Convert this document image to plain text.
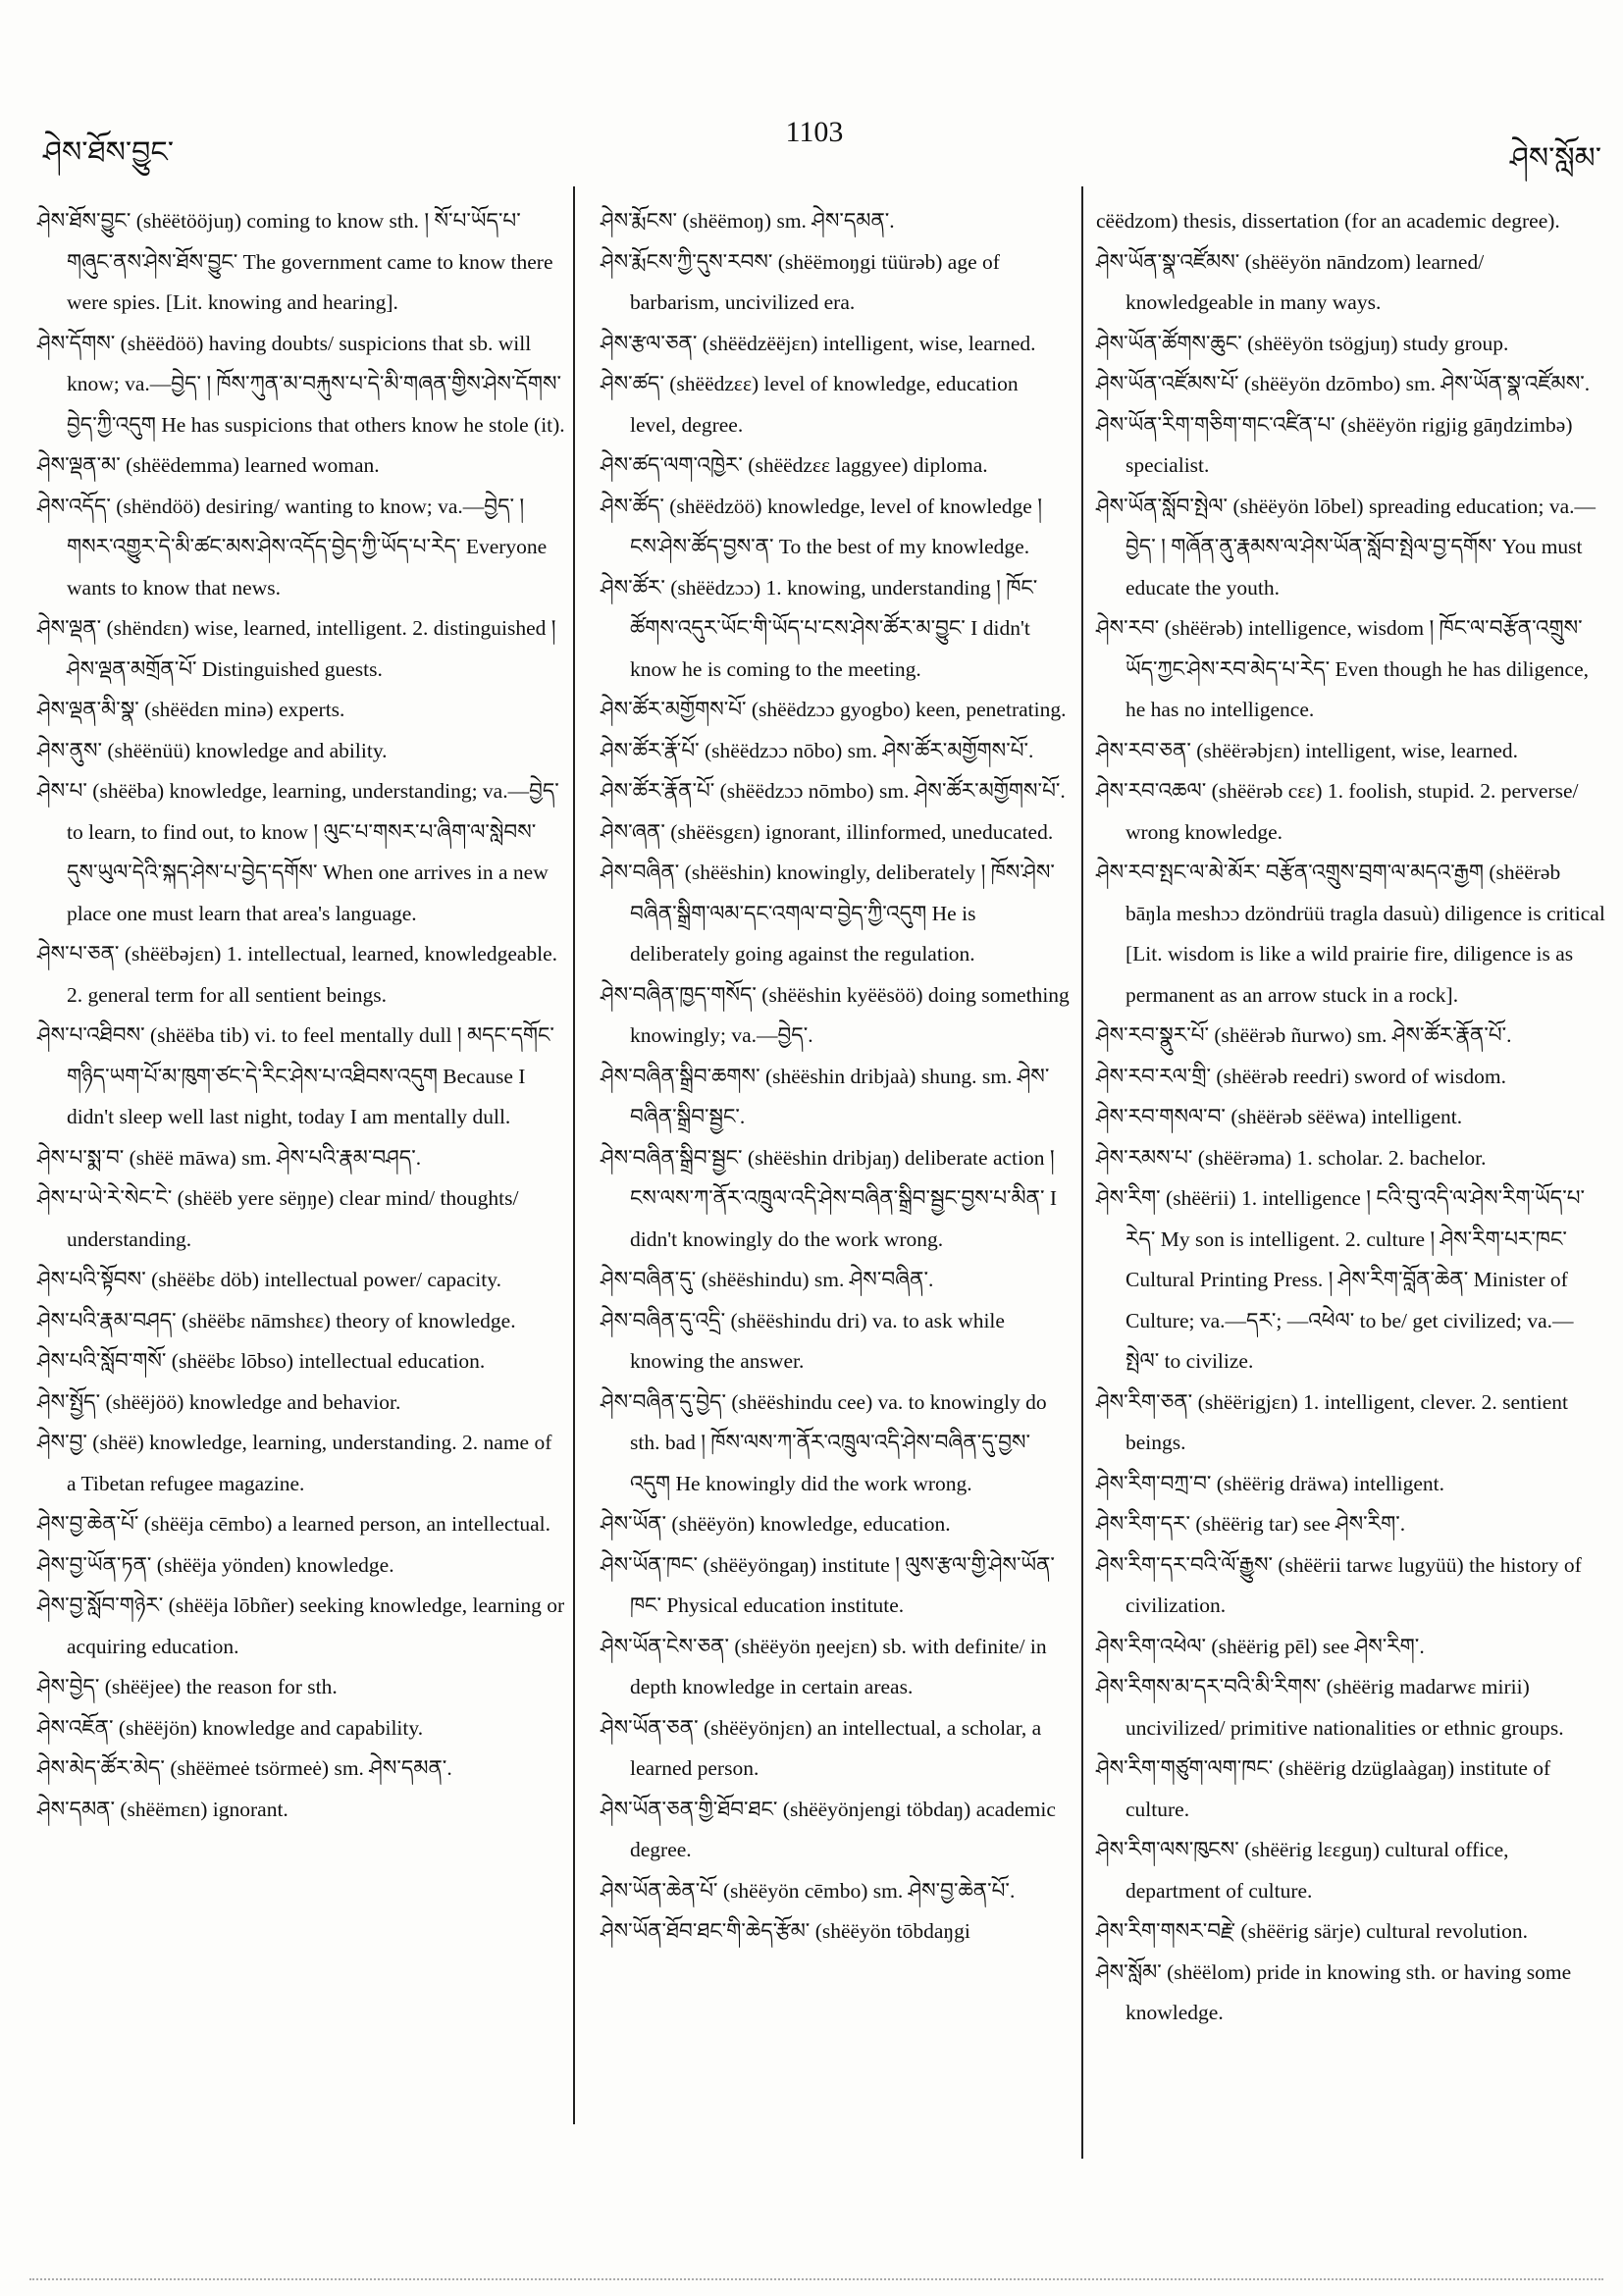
ཤེས་ཐོས་བྱུང་
1103
ཤེས་སློམ་

ཤེས་ཐོས་བྱུང་ (shëëtööjuŋ) coming to know sth. ། སོ་པ་ཡོད་པ་གཞུང་ནས་ཤེས་ཐོས་བྱུང་ The government came to know there were spies. [Lit. knowing and hearing].

ཤེས་དོགས་ (shëëdöö) having doubts/ suspicions that sb. will know; va.—བྱེད་ ། ཁོས་ཀུན་མ་བརྐུས་པ་དེ་མི་གཞན་གྱིས་ཤེས་དོགས་བྱེད་ཀྱི་འདུག He has suspicions that others know he stole (it).

ཤེས་ལྡན་མ་ (shëëdemma) learned woman.

ཤེས་འདོད་ (shëndöö) desiring/ wanting to know; va.—བྱེད་ ། གསར་འགྱུར་དེ་མི་ཚང་མས་ཤེས་འདོད་བྱེད་ཀྱི་ཡོད་པ་རེད་ Everyone wants to know that news.

ཤེས་ལྡན་ (shëndɛn) wise, learned, intelligent. 2. distinguished ། ཤེས་ལྡན་མགྲོན་པོ་ Distinguished guests.

ཤེས་ལྡན་མི་སྣ་ (shëëdɛn minə) experts.

ཤེས་ནུས་ (shëënüü) knowledge and ability.

ཤེས་པ་ (shëëba) knowledge, learning, understanding; va.—བྱེད་ to learn, to find out, to know ། ལུང་པ་གསར་པ་ཞིག་ལ་སླེབས་དུས་ཡུལ་དེའི་སྐད་ཤེས་པ་བྱེད་དགོས་ When one arrives in a new place one must learn that area's language.

ཤེས་པ་ཅན་ (shëëbəjɛn) 1. intellectual, learned, knowledgeable. 2. general term for all sentient beings.

ཤེས་པ་འཐིབས་ (shëëba tib) vi. to feel mentally dull ། མདང་དགོང་གཉིད་ཡག་པོ་མ་ཁུག་ཙང་དེ་རིང་ཤེས་པ་འཐིབས་འདུག Because I didn't sleep well last night, today I am mentally dull.

ཤེས་པ་སྨ་བ་ (shëë māwa) sm. ཤེས་པའི་རྣམ་བཤད་.

ཤེས་པ་ཡེ་རེ་སེང་ངེ་ (shëëb yere sëŋŋe) clear mind/ thoughts/ understanding.

ཤེས་པའི་སྟོབས་ (shëëbɛ döb) intellectual power/ capacity.

ཤེས་པའི་རྣམ་བཤད་ (shëëbɛ nāmshɛɛ) theory of knowledge.

ཤེས་པའི་སློབ་གསོ་ (shëëbɛ lōbso) intellectual education.

ཤེས་སྤྱོད་ (shëëjöö) knowledge and behavior.

ཤེས་བྱ་ (shëë) knowledge, learning, understanding. 2. name of a Tibetan refugee magazine.

ཤེས་བྱ་ཆེན་པོ་ (shëëja cēmbo) a learned person, an intellectual.

ཤེས་བྱ་ཡོན་ཏན་ (shëëja yönden) knowledge.

ཤེས་བྱ་སློབ་གཉེར་ (shëëja lōbñer) seeking knowledge, learning or acquiring education.

ཤེས་བྱེད་ (shëëjee) the reason for sth.

ཤེས་འཇོན་ (shëëjön) knowledge and capability.

ཤེས་མེད་ཚོར་མེད་ (shëëmeė tsörmeė) sm. ཤེས་དམན་.

ཤེས་དམན་ (shëëmɛn) ignorant.

ཤེས་རྨོངས་ (shëëmoŋ) sm. ཤེས་དམན་.

ཤེས་རྨོངས་ཀྱི་དུས་རབས་ (shëëmoŋgi tüürəb) age of barbarism, uncivilized era.

ཤེས་རྩལ་ཅན་ (shëëdzëëjɛn) intelligent, wise, learned.

ཤེས་ཚད་ (shëëdzɛɛ) level of knowledge, education level, degree.

ཤེས་ཚད་ལག་འཁྱེར་ (shëëdzɛɛ laggyee) diploma.

ཤེས་ཚོད་ (shëëdzöö) knowledge, level of knowledge ། ངས་ཤེས་ཚོད་བྱས་ན་ To the best of my knowledge.

ཤེས་ཚོར་ (shëëdzɔɔ) 1. knowing, understanding ། ཁོང་ཚོགས་འདུར་ཡོང་གི་ཡོད་པ་ངས་ཤེས་ཚོར་མ་བྱུང་ I didn't know he is coming to the meeting.

ཤེས་ཚོར་མགྱོགས་པོ་ (shëëdzɔɔ gyogbo) keen, penetrating.

ཤེས་ཚོར་རྣོ་པོ་ (shëëdzɔɔ nōbo) sm. ཤེས་ཚོར་མགྱོགས་པོ་.

ཤེས་ཚོར་རྣོན་པོ་ (shëëdzɔɔ nōmbo) sm. ཤེས་ཚོར་མགྱོགས་པོ་.

ཤེས་ཞན་ (shëësgɛn) ignorant, illinformed, uneducated.

ཤེས་བཞིན་ (shëëshin) knowingly, deliberately ། ཁོས་ཤེས་བཞིན་སྒྲིག་ལམ་དང་འགལ་བ་བྱེད་ཀྱི་འདུག He is deliberately going against the regulation.

ཤེས་བཞིན་ཁྱད་གསོད་ (shëëshin kyëësöö) doing something knowingly; va.—བྱེད་.

ཤེས་བཞིན་སྒྲིབ་ཆགས་ (shëëshin dribjaà) shung. sm. ཤེས་བཞིན་སྒྲིབ་སྦྱང་.

ཤེས་བཞིན་སྒྲིབ་སྦྱང་ (shëëshin dribjaŋ) deliberate action ། ངས་ལས་ཀ་ནོར་འཁྲུལ་འདི་ཤེས་བཞིན་སྒྲིབ་སྦྱང་བྱས་པ་མིན་ I didn't knowingly do the work wrong.

ཤེས་བཞིན་དུ་ (shëëshindu) sm. ཤེས་བཞིན་.

ཤེས་བཞིན་དུ་འདྲི་ (shëëshindu dri) va. to ask while knowing the answer.

ཤེས་བཞིན་དུ་བྱེད་ (shëëshindu cee) va. to knowingly do sth. bad ། ཁོས་ལས་ཀ་ནོར་འཁྲུལ་འདི་ཤེས་བཞིན་དུ་བྱས་འདུག He knowingly did the work wrong.

ཤེས་ཡོན་ (shëëyön) knowledge, education.

ཤེས་ཡོན་ཁང་ (shëëyöngaŋ) institute ། ལུས་རྩལ་གྱི་ཤེས་ཡོན་ཁང་ Physical education institute.

ཤེས་ཡོན་ངེས་ཅན་ (shëëyön ŋeejɛn) sb. with definite/ in depth knowledge in certain areas.

ཤེས་ཡོན་ཅན་ (shëëyönjɛn) an intellectual, a scholar, a learned person.

ཤེས་ཡོན་ཅན་གྱི་ཐོབ་ཐང་ (shëëyönjengi töbdaŋ) academic degree.

ཤེས་ཡོན་ཆེན་པོ་ (shëëyön cēmbo) sm. ཤེས་བྱ་ཆེན་པོ་.

ཤེས་ཡོན་ཐོབ་ཐང་གི་ཆེད་རྩོམ་ (shëëyön tōbdaŋgi

cëëdzom) thesis, dissertation (for an academic degree).

ཤེས་ཡོན་སྣ་འཛོམས་ (shëëyön nāndzom) learned/ knowledgeable in many ways.

ཤེས་ཡོན་ཚོགས་ཆུང་ (shëëyön tsögjuŋ) study group.

ཤེས་ཡོན་འཛོམས་པོ་ (shëëyön dzōmbo) sm. ཤེས་ཡོན་སྣ་འཛོམས་.

ཤེས་ཡོན་རིག་གཅིག་གང་འཛིན་པ་ (shëëyön rigjig gāŋdzimbə) specialist.

ཤེས་ཡོན་སློབ་སྤེལ་ (shëëyön lōbel) spreading education; va.—བྱེད་ ། གཞོན་ནུ་རྣམས་ལ་ཤེས་ཡོན་སློབ་སྤེལ་བྱ་དགོས་ You must educate the youth.

ཤེས་རབ་ (shëërəb) intelligence, wisdom ། ཁོང་ལ་བརྩོན་འགྲུས་ཡོད་ཀྱང་ཤེས་རབ་མེད་པ་རེད་ Even though he has diligence, he has no intelligence.

ཤེས་རབ་ཅན་ (shëërəbjɛn) intelligent, wise, learned.

ཤེས་རབ་འཆལ་ (shëërəb cɛɛ) 1. foolish, stupid. 2. perverse/ wrong knowledge.

ཤེས་རབ་སྤང་ལ་མེ་མོར་ བརྩོན་འགྲུས་བྲག་ལ་མདའ་རྒྱག (shëërəb bāŋla meshɔɔ dzöndrüü tragla dasuù) diligence is critical [Lit. wisdom is like a wild prairie fire, diligence is as permanent as an arrow stuck in a rock].

ཤེས་རབ་སྣུར་པོ་ (shëërəb ñurwo) sm. ཤེས་ཚོར་རྣོན་པོ་.

ཤེས་རབ་རལ་གྲི་ (shëërəb reedri) sword of wisdom.

ཤེས་རབ་གསལ་བ་ (shëërəb sëëwa) intelligent.

ཤེས་རམས་པ་ (shëërəma) 1. scholar. 2. bachelor.

ཤེས་རིག་ (shëërii) 1. intelligence ། ངའི་བུ་འདི་ལ་ཤེས་རིག་ཡོད་པ་རེད་ My son is intelligent. 2. culture ། ཤེས་རིག་པར་ཁང་ Cultural Printing Press. ། ཤེས་རིག་བློན་ཆེན་ Minister of Culture; va.—དར་; —འཕེལ་ to be/ get civilized; va.—སྤེལ་ to civilize.

ཤེས་རིག་ཅན་ (shëërigjɛn) 1. intelligent, clever. 2. sentient beings.

ཤེས་རིག་བཀྲ་བ་ (shëërig dräwa) intelligent.

ཤེས་རིག་དར་ (shëërig tar) see ཤེས་རིག་.

ཤེས་རིག་དར་བའི་ལོ་རྒྱུས་ (shëërii tarwɛ lugyüü) the history of civilization.

ཤེས་རིག་འཕེལ་ (shëërig pēl) see ཤེས་རིག་.

ཤེས་རིགས་མ་དར་བའི་མི་རིགས་ (shëërig madarwɛ mirii) uncivilized/ primitive nationalities or ethnic groups.

ཤེས་རིག་གཙུག་ལག་ཁང་ (shëërig dzüglaàgaŋ) institute of culture.

ཤེས་རིག་ལས་ཁུངས་ (shëërig lɛɛguŋ) cultural office, department of culture.

ཤེས་རིག་གསར་བརྗེ་ (shëërig särje) cultural revolution.

ཤེས་སློམ་ (shëëlom) pride in knowing sth. or having some knowledge.
